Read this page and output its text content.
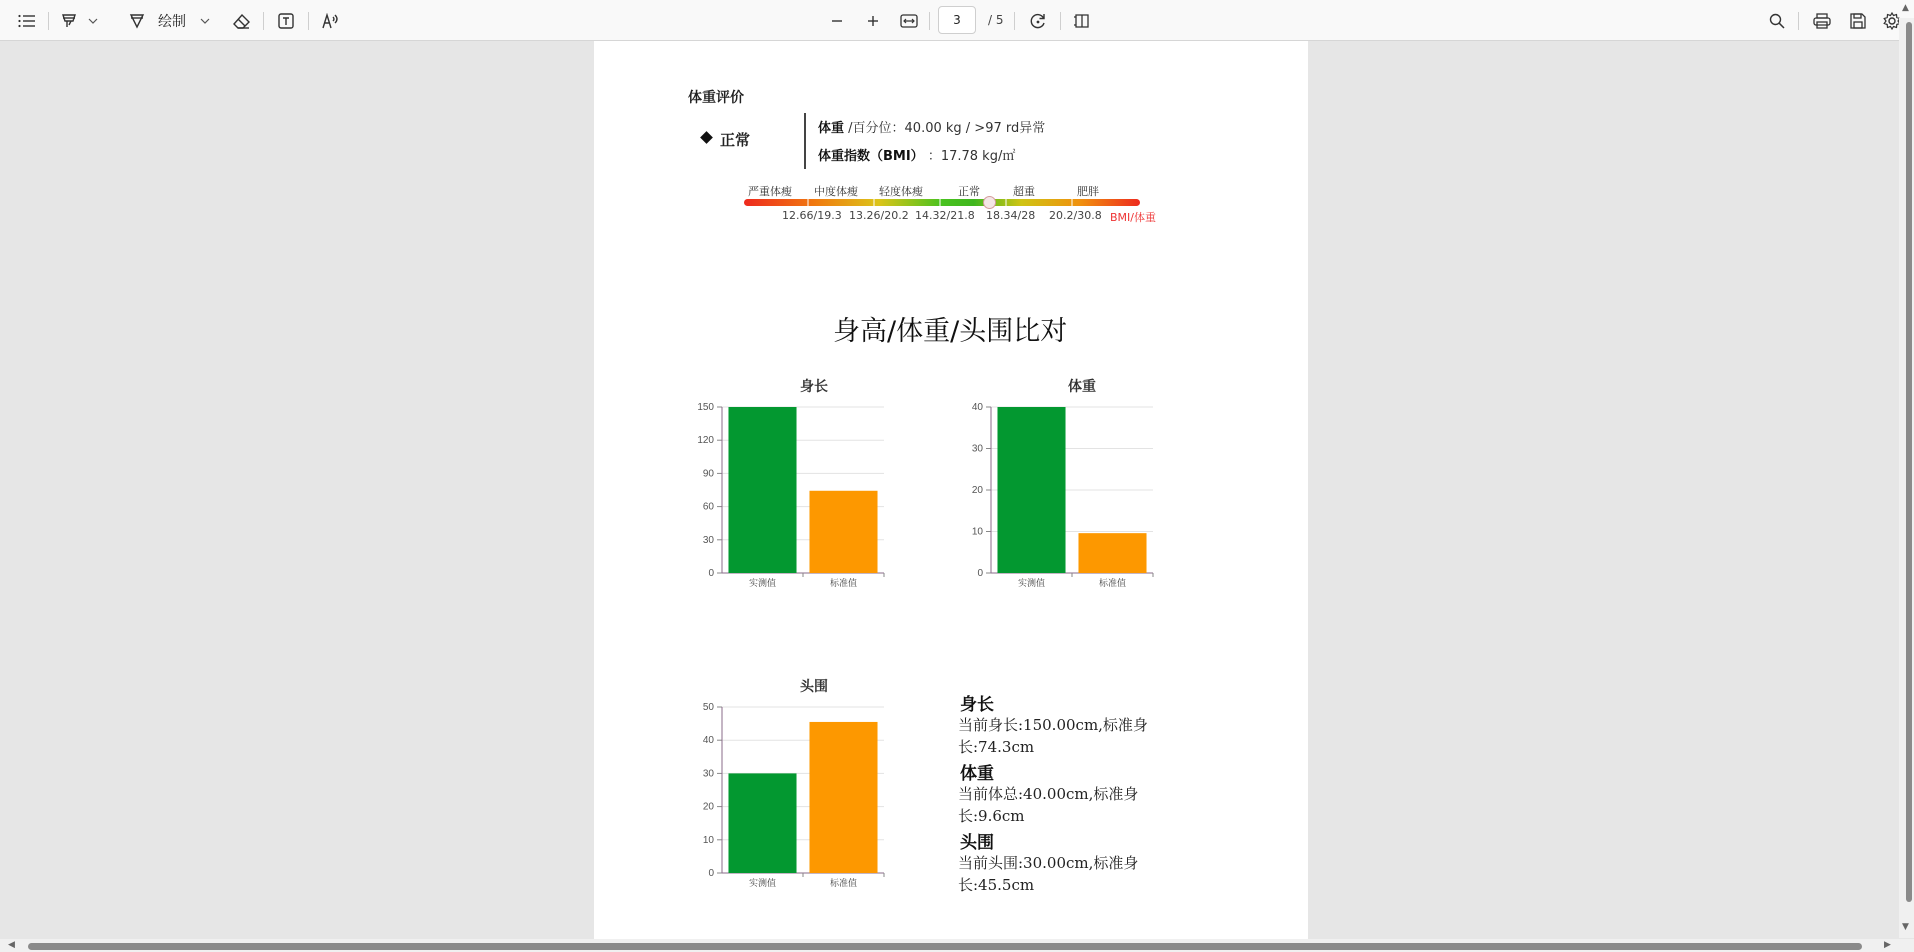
绘制	3	/ 5
体重评价
正常
体重 /百分位：40.00 kg / >97 rd异常
体重指数（BMI） ：17.78 kg/㎡
严重体瘦 中度体瘦 轻度体瘦	正常	超重	肥胖
12.66/19.3 13.26/20.2 14.32/21.8 18.34/28 20.2/30.8 BMI/体重
身高/体重/头围比对
身长
0
30
60
90
120
150
实测值	标准值
体重
0
10
20
30
40
实测值	标准值
头围
0
10
20
30
40
50
实测值	标准值
身长
当前身长:150.00cm,标准身长:74.3cm
体重
当前体总:40.00cm,标准身长:9.6cm
头围
当前头围:30.00cm,标准身长:45.5cm
▲
▼
◀	▶
